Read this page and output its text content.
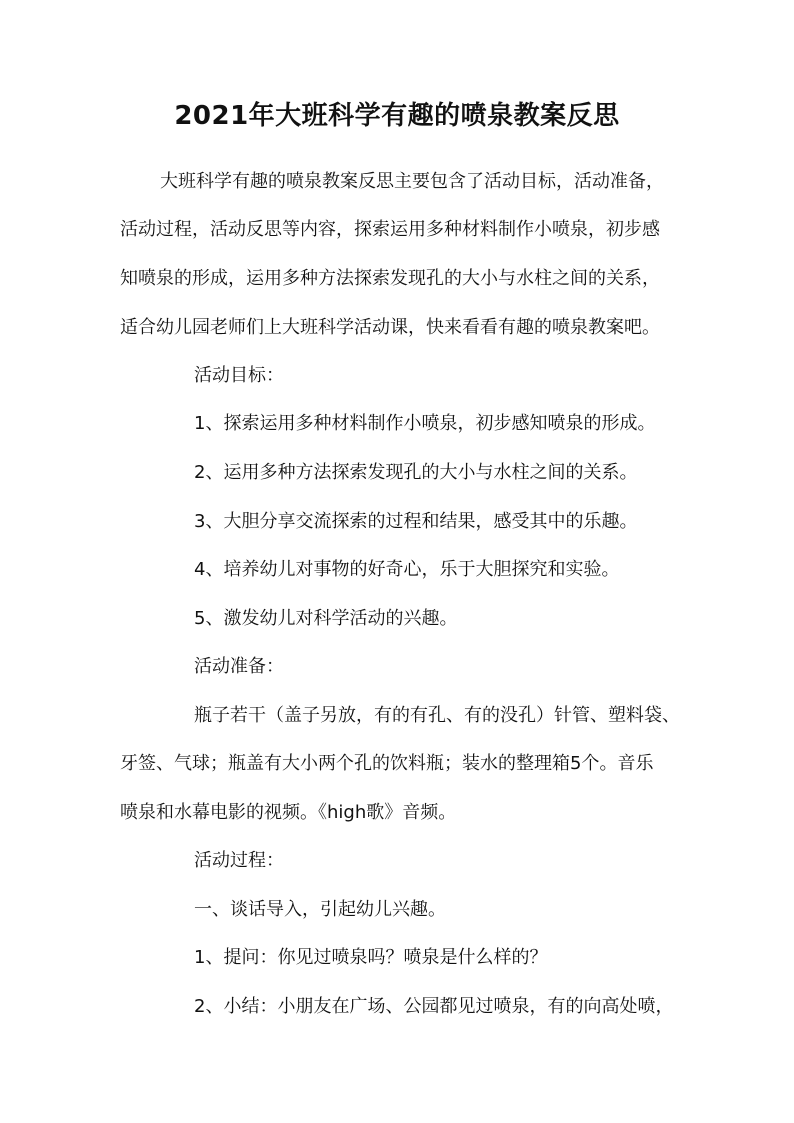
2021年大班科学有趣的喷泉教案反思
大班科学有趣的喷泉教案反思主要包含了活动目标，活动准备，
活动过程，活动反思等内容，探索运用多种材料制作小喷泉，初步感
知喷泉的形成，运用多种方法探索发现孔的大小与水柱之间的关系，
适合幼儿园老师们上大班科学活动课，快来看看有趣的喷泉教案吧。
活动目标：
1、探索运用多种材料制作小喷泉，初步感知喷泉的形成。
2、运用多种方法探索发现孔的大小与水柱之间的关系。
3、大胆分享交流探索的过程和结果，感受其中的乐趣。
4、培养幼儿对事物的好奇心，乐于大胆探究和实验。
5、激发幼儿对科学活动的兴趣。
活动准备：
瓶子若干（盖子另放，有的有孔、有的没孔）针管、塑料袋、
牙签、气球；瓶盖有大小两个孔的饮料瓶；装水的整理箱5个。音乐
喷泉和水幕电影的视频。《high歌》音频。
活动过程：
一、谈话导入，引起幼儿兴趣。
1、提问：你见过喷泉吗？喷泉是什么样的？
2、小结：小朋友在广场、公园都见过喷泉，有的向高处喷，
